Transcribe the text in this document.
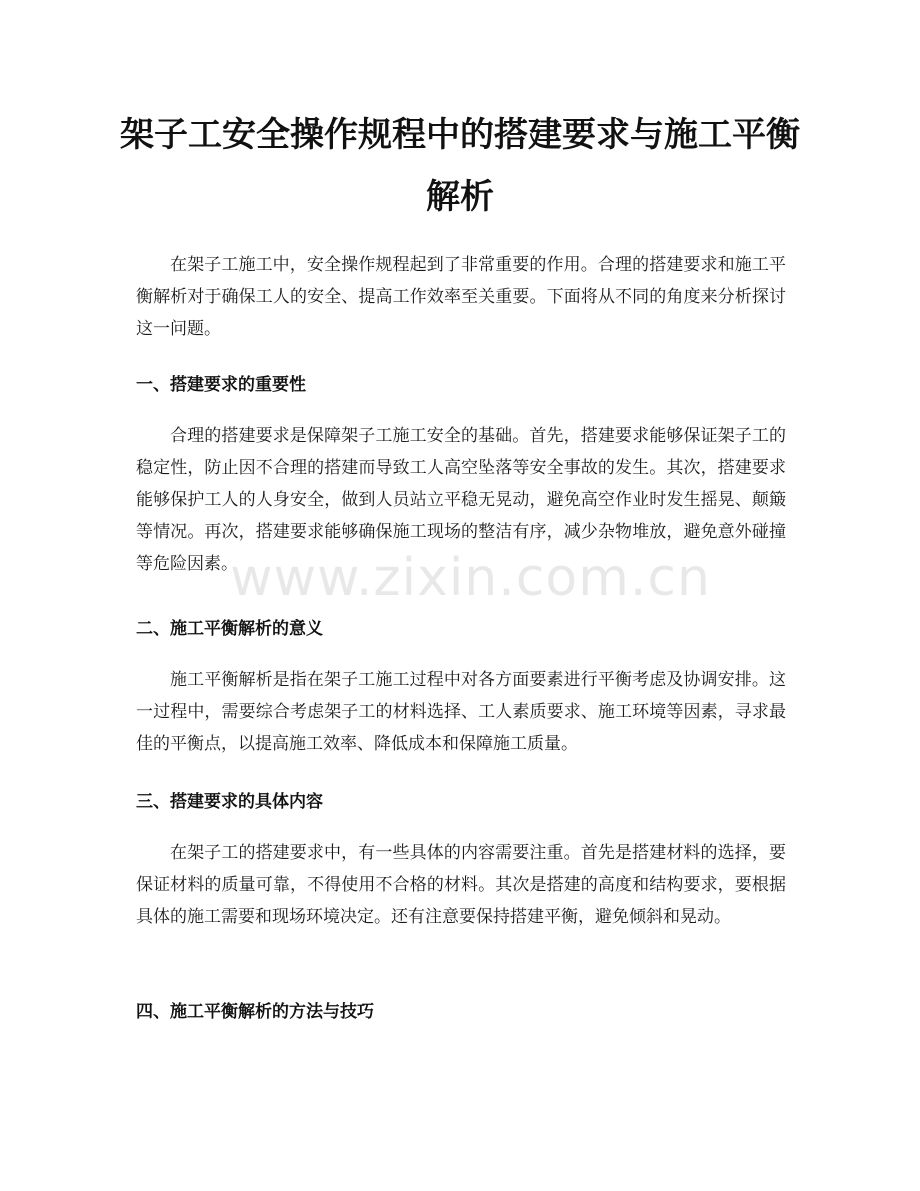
架子工安全操作规程中的搭建要求与施工平衡解析

在架子工施工中，安全操作规程起到了非常重要的作用。合理的搭建要求和施工平衡解析对于确保工人的安全、提高工作效率至关重要。下面将从不同的角度来分析探讨这一问题。

一、搭建要求的重要性

合理的搭建要求是保障架子工施工安全的基础。首先，搭建要求能够保证架子工的稳定性，防止因不合理的搭建而导致工人高空坠落等安全事故的发生。其次，搭建要求能够保护工人的人身安全，做到人员站立平稳无晃动，避免高空作业时发生摇晃、颠簸等情况。再次，搭建要求能够确保施工现场的整洁有序，减少杂物堆放，避免意外碰撞等危险因素。

二、施工平衡解析的意义

施工平衡解析是指在架子工施工过程中对各方面要素进行平衡考虑及协调安排。这一过程中，需要综合考虑架子工的材料选择、工人素质要求、施工环境等因素，寻求最佳的平衡点，以提高施工效率、降低成本和保障施工质量。

三、搭建要求的具体内容

在架子工的搭建要求中，有一些具体的内容需要注重。首先是搭建材料的选择，要保证材料的质量可靠，不得使用不合格的材料。其次是搭建的高度和结构要求，要根据具体的施工需要和现场环境决定。还有注意要保持搭建平衡，避免倾斜和晃动。

四、施工平衡解析的方法与技巧
www.zixin.com.cn
